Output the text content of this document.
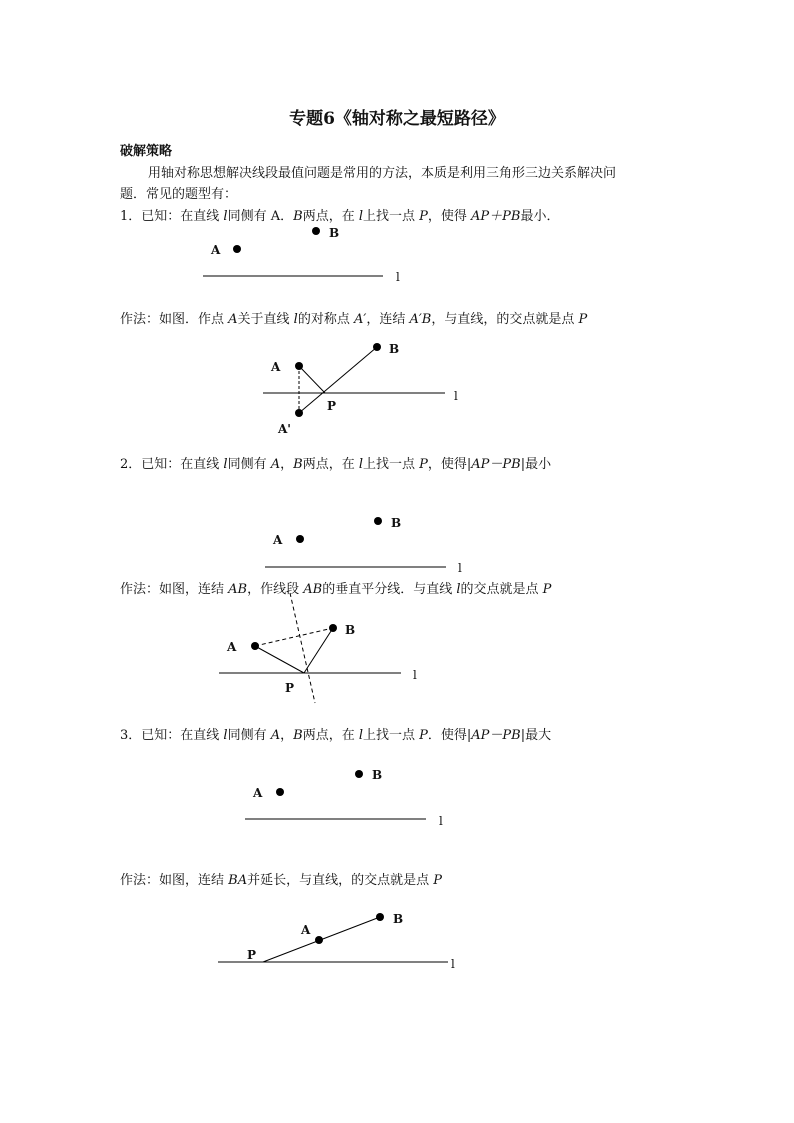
专题6《轴对称之最短路径》
破解策略
用轴对称思想解决线段最值问题是常用的方法，本质是利用三角形三边关系解决问
题．常见的题型有：
1．已知：在直线 l同侧有 A．B两点，在 l上找一点 P，使得 AP＋PB最小．
作法：如图．作点 A关于直线 l的对称点 A′，连结 A′B，与直线，的交点就是点 P
2．已知：在直线 l同侧有 A，B两点，在 l上找一点 P，使得|AP－PB|最小
作法：如图，连结 AB，作线段 AB的垂直平分线．与直线 l的交点就是点 P
3．已知：在直线 l同侧有 A，B两点，在 l上找一点 P．使得|AP－PB|最大
作法：如图，连结 BA并延长，与直线，的交点就是点 P
A
B
l
A
B
P
A'
l
A
B
l
A
B
P
l
A
B
l
A
B
P
l
